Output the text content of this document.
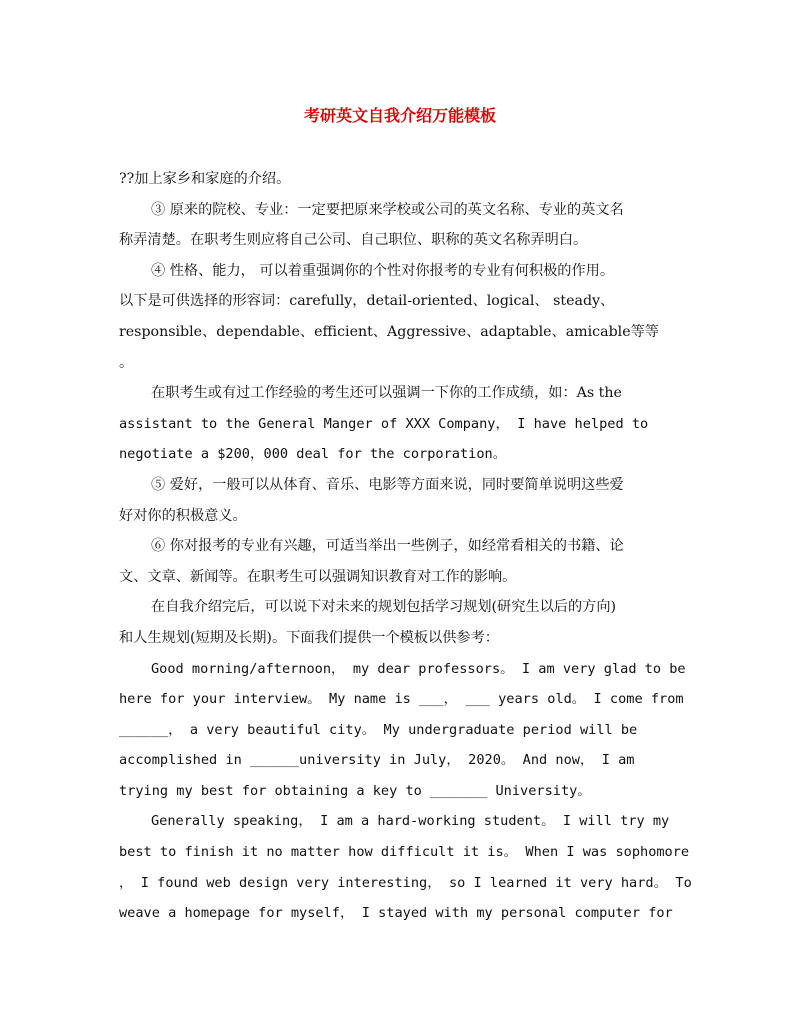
考研英文自我介绍万能模板
??加上家乡和家庭的介绍。
③ 原来的院校、专业：一定要把原来学校或公司的英文名称、专业的英文名
称弄清楚。在职考生则应将自己公司、自己职位、职称的英文名称弄明白。
④ 性格、能力， 可以着重强调你的个性对你报考的专业有何积极的作用。
以下是可供选择的形容词：carefully，detail-oriented、logical、 steady、
responsible、dependable、efficient、Aggressive、adaptable、amicable等等
。
在职考生或有过工作经验的考生还可以强调一下你的工作成绩，如：As the
assistant to the General Manger of XXX Company， I have helped to
negotiate a $200，000 deal for the corporation。
⑤ 爱好，一般可以从体育、音乐、电影等方面来说，同时要简单说明这些爱
好对你的积极意义。
⑥ 你对报考的专业有兴趣，可适当举出一些例子，如经常看相关的书籍、论
文、文章、新闻等。在职考生可以强调知识教育对工作的影响。
在自我介绍完后，可以说下对未来的规划包括学习规划(研究生以后的方向)
和人生规划(短期及长期)。下面我们提供一个模板以供参考：
Good morning/afternoon， my dear professors。 I am very glad to be
here for your interview。 My name is ___， ___ years old。 I come from
______， a very beautiful city。 My undergraduate period will be
accomplished in ______university in July， 2020。 And now， I am
trying my best for obtaining a key to _______ University。
Generally speaking， I am a hard-working student。 I will try my
best to finish it no matter how difficult it is。 When I was sophomore
， I found web design very interesting， so I learned it very hard。 To
weave a homepage for myself， I stayed with my personal computer for
